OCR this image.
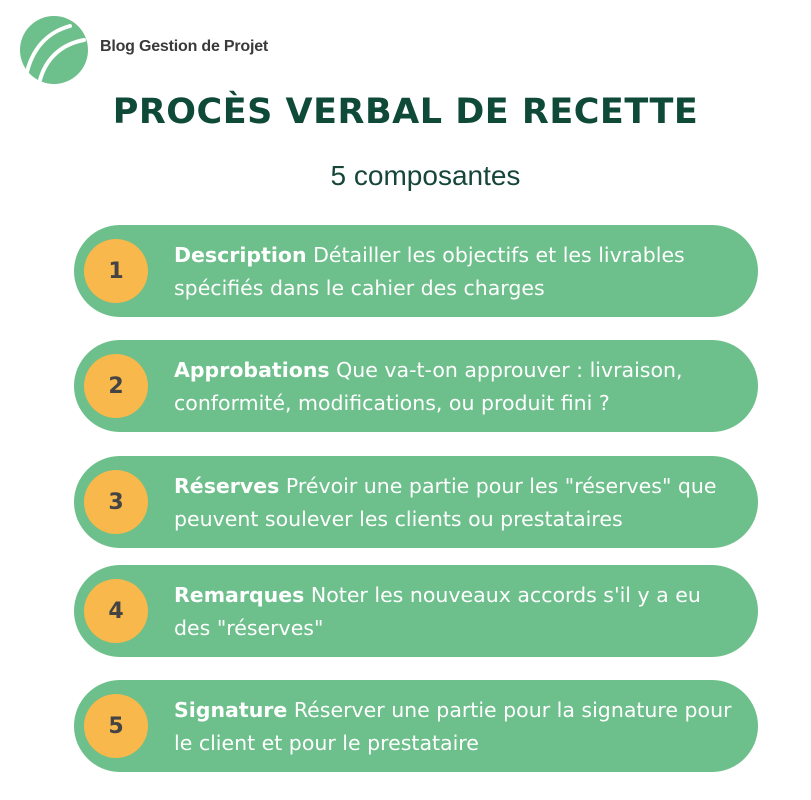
Blog Gestion de Projet
PROCÈS VERBAL DE RECETTE
5 composantes
1
Description Détailler les objectifs et les livrables spécifiés dans le cahier des charges
2
Approbations Que va-t-on approuver : livraison, conformité, modifications, ou produit fini ?
3
Réserves Prévoir une partie pour les "réserves" que peuvent soulever les clients ou prestataires
4
Remarques Noter les nouveaux accords s'il y a eu des "réserves"
5
Signature Réserver une partie pour la signature pour le client et pour le prestataire
